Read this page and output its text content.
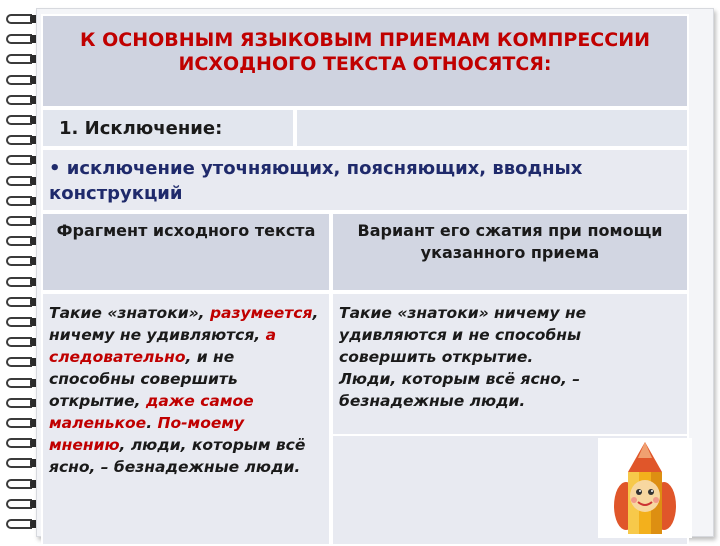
К ОСНОВНЫМ ЯЗЫКОВЫМ ПРИЕМАМ КОМПРЕССИИ ИСХОДНОГО ТЕКСТА ОТНОСЯТСЯ:
1. Исключение:
• исключение уточняющих, поясняющих, вводных конструкций
Фрагмент исходного текста	Вариант его сжатия при помощи указанного приема
Такие «знатоки», разумеется, ничему не удивляются, а следовательно, и не способны совершить открытие, даже самое маленькое. По-моему мнению, люди, которым всё ясно, – безнадежные люди.
Такие «знатоки» ничему не удивляются и не способны совершить открытие.
Люди, которым всё ясно, – безнадежные люди.
